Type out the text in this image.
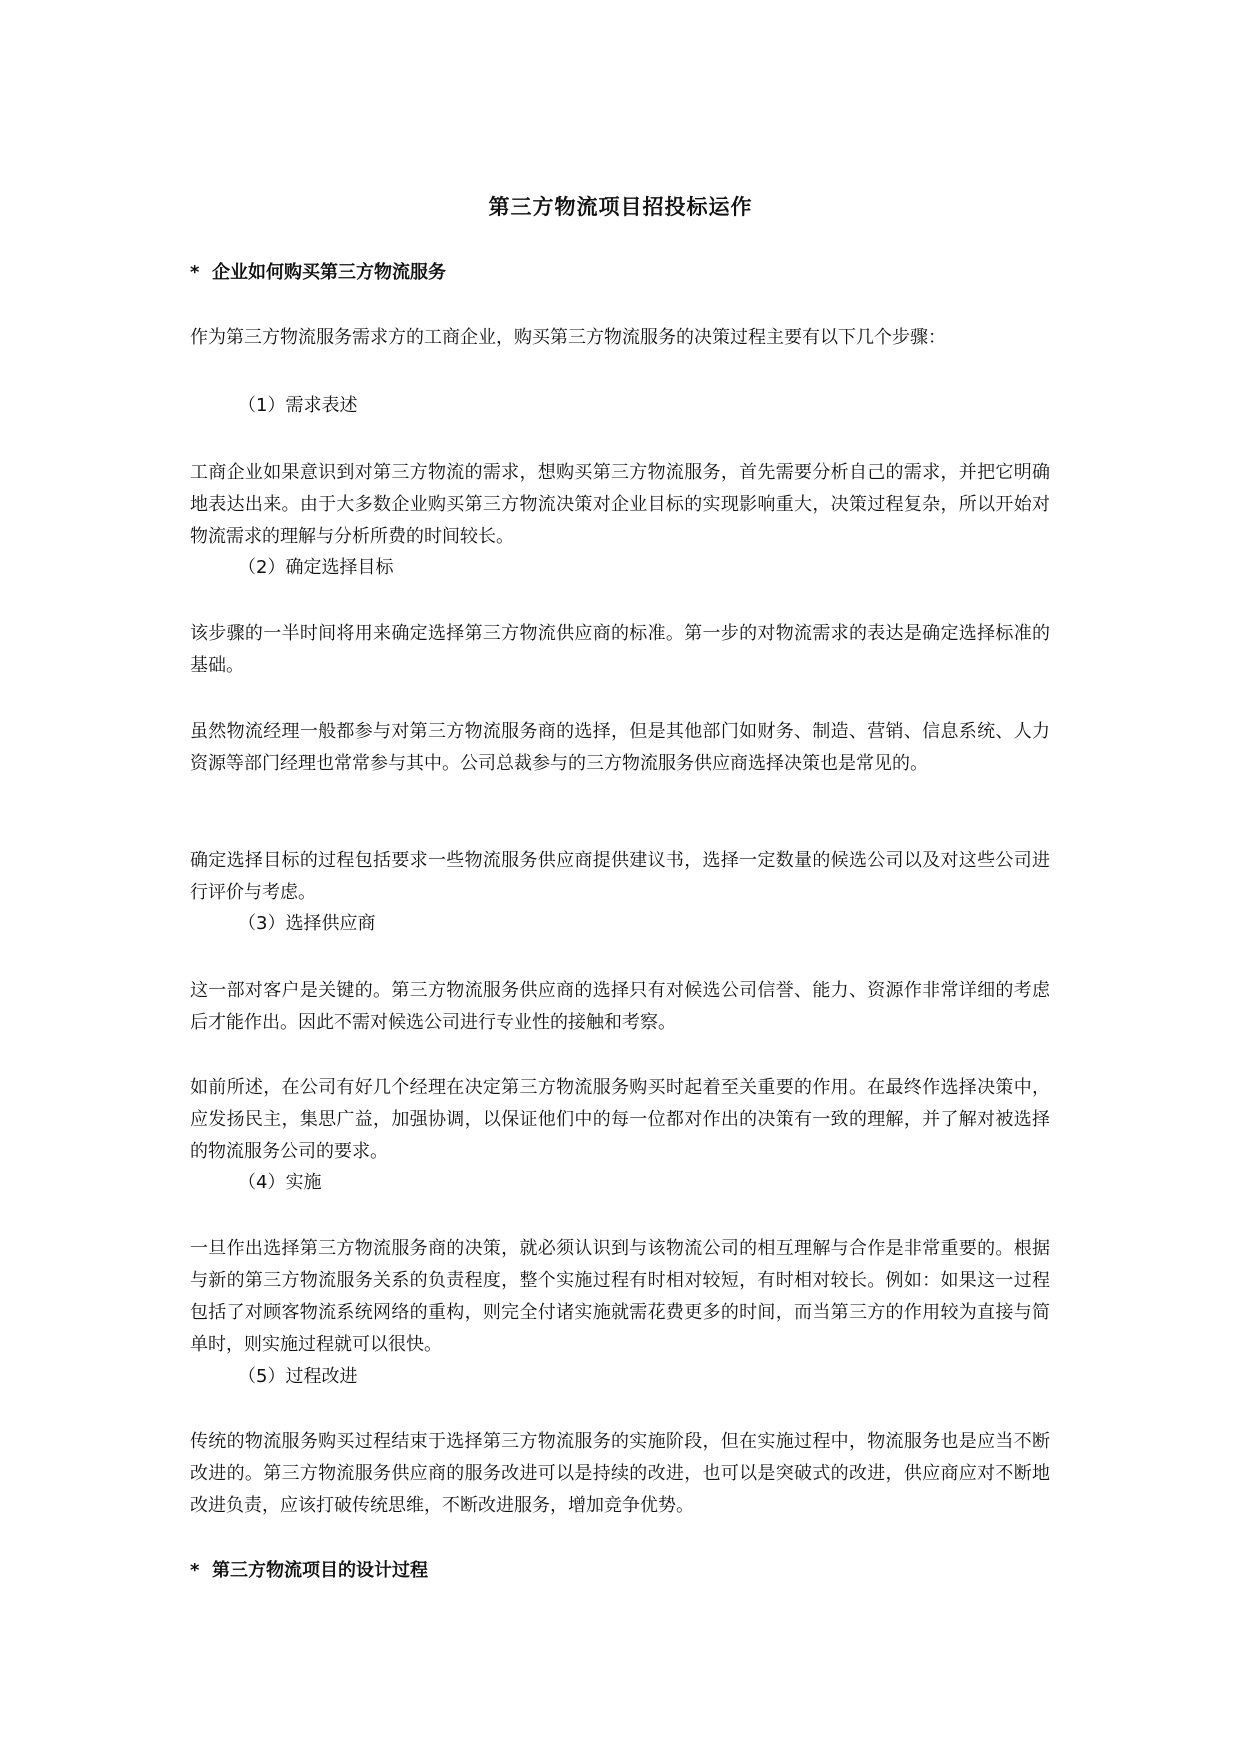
第三方物流项目招投标运作
* 企业如何购买第三方物流服务
作为第三方物流服务需求方的工商企业，购买第三方物流服务的决策过程主要有以下几个步骤：
（1）需求表述
工商企业如果意识到对第三方物流的需求，想购买第三方物流服务，首先需要分析自己的需求，并把它明确地表达出来。由于大多数企业购买第三方物流决策对企业目标的实现影响重大，决策过程复杂，所以开始对物流需求的理解与分析所费的时间较长。
（2）确定选择目标
该步骤的一半时间将用来确定选择第三方物流供应商的标准。第一步的对物流需求的表达是确定选择标准的基础。
虽然物流经理一般都参与对第三方物流服务商的选择，但是其他部门如财务、制造、营销、信息系统、人力资源等部门经理也常常参与其中。公司总裁参与的三方物流服务供应商选择决策也是常见的。
确定选择目标的过程包括要求一些物流服务供应商提供建议书，选择一定数量的候选公司以及对这些公司进行评价与考虑。
（3）选择供应商
这一部对客户是关键的。第三方物流服务供应商的选择只有对候选公司信誉、能力、资源作非常详细的考虑后才能作出。因此不需对候选公司进行专业性的接触和考察。
如前所述，在公司有好几个经理在决定第三方物流服务购买时起着至关重要的作用。在最终作选择决策中，应发扬民主，集思广益，加强协调，以保证他们中的每一位都对作出的决策有一致的理解，并了解对被选择的物流服务公司的要求。
（4）实施
一旦作出选择第三方物流服务商的决策，就必须认识到与该物流公司的相互理解与合作是非常重要的。根据与新的第三方物流服务关系的负责程度，整个实施过程有时相对较短，有时相对较长。例如：如果这一过程包括了对顾客物流系统网络的重构，则完全付诸实施就需花费更多的时间，而当第三方的作用较为直接与简单时，则实施过程就可以很快。
（5）过程改进
传统的物流服务购买过程结束于选择第三方物流服务的实施阶段，但在实施过程中，物流服务也是应当不断改进的。第三方物流服务供应商的服务改进可以是持续的改进，也可以是突破式的改进，供应商应对不断地改进负责，应该打破传统思维，不断改进服务，增加竞争优势。
* 第三方物流项目的设计过程
